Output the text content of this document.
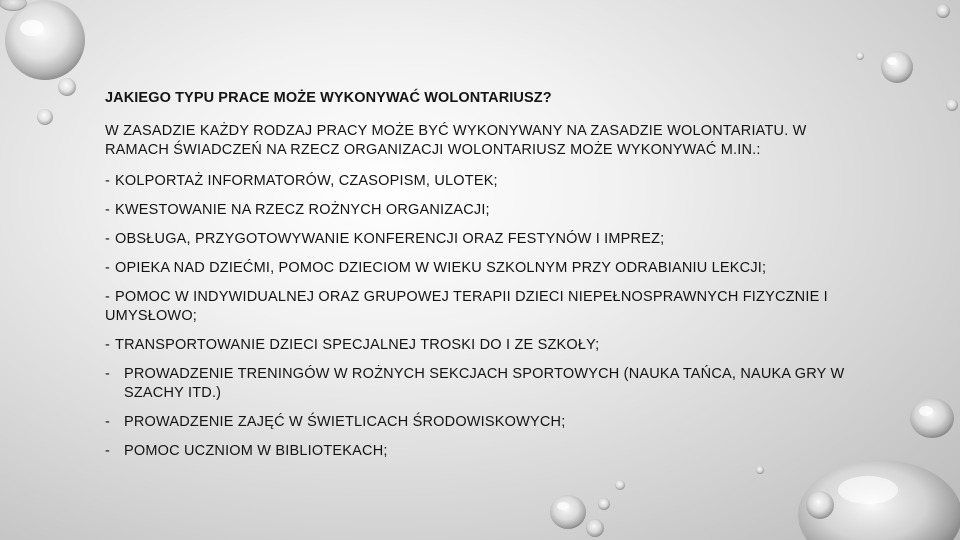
JAKIEGO TYPU PRACE MOŻE WYKONYWAĆ WOLONTARIUSZ?
W ZASADZIE KAŻDY RODZAJ PRACY MOŻE BYĆ WYKONYWANY NA ZASADZIE WOLONTARIATU. W RAMACH ŚWIADCZEŃ NA RZECZ ORGANIZACJI WOLONTARIUSZ MOŻE WYKONYWAĆ M.IN.:
- KOLPORTAŻ INFORMATORÓW, CZASOPISM, ULOTEK;
- KWESTOWANIE NA RZECZ ROŻNYCH ORGANIZACJI;
- OBSŁUGA, PRZYGOTOWYWANIE KONFERENCJI ORAZ FESTYNÓW I IMPREZ;
- OPIEKA NAD DZIEĆMI, POMOC DZIECIOM W WIEKU SZKOLNYM PRZY ODRABIANIU LEKCJI;
- POMOC W INDYWIDUALNEJ ORAZ GRUPOWEJ TERAPII DZIECI NIEPEŁNOSPRAWNYCH FIZYCZNIE I UMYSŁOWO;
- TRANSPORTOWANIE DZIECI SPECJALNEJ TROSKI DO I ZE SZKOŁY;
- PROWADZENIE TRENINGÓW W ROŻNYCH SEKCJACH SPORTOWYCH (NAUKA TAŃCA, NAUKA GRY W SZACHY ITD.)
- PROWADZENIE ZAJĘĆ W ŚWIETLICACH ŚRODOWISKOWYCH;
- POMOC UCZNIOM W BIBLIOTEKACH;
